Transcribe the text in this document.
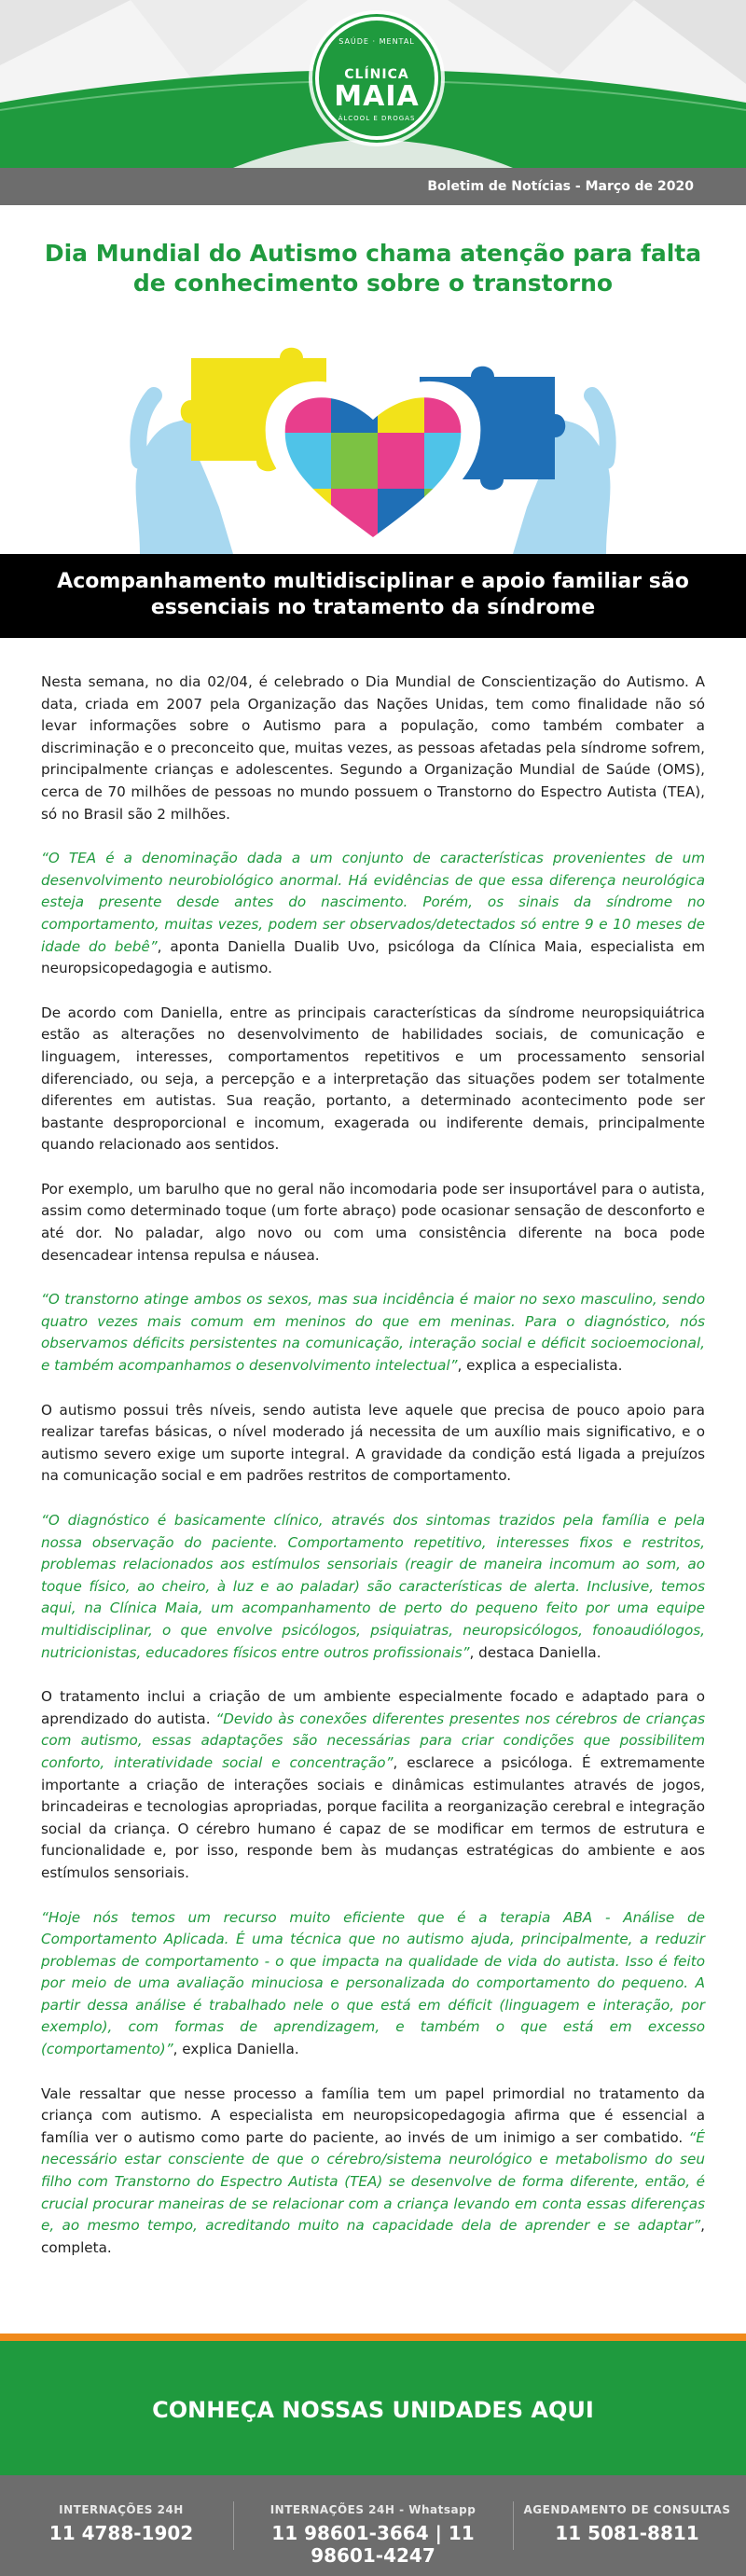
SAÚDE · MENTAL
CLÍNICA
MAIA
ÁLCOOL E DROGAS
Boletim de Notícias - Março de 2020
Dia Mundial do Autismo chama atenção para falta de conhecimento sobre o transtorno
Acompanhamento multidisciplinar e apoio familiar são essenciais no tratamento da síndrome

Nesta semana, no dia 02/04, é celebrado o Dia Mundial de Conscientização do Autismo. A data, criada em 2007 pela Organização das Nações Unidas, tem como finalidade não só levar informações sobre o Autismo para a população, como também combater a discriminação e o preconceito que, muitas vezes, as pessoas afetadas pela síndrome sofrem, principalmente crianças e adolescentes. Segundo a Organização Mundial de Saúde (OMS), cerca de 70 milhões de pessoas no mundo possuem o Transtorno do Espectro Autista (TEA), só no Brasil são 2 milhões.

“O TEA é a denominação dada a um conjunto de características provenientes de um desenvolvimento neurobiológico anormal. Há evidências de que essa diferença neurológica esteja presente desde antes do nascimento. Porém, os sinais da síndrome no comportamento, muitas vezes, podem ser observados/detectados só entre 9 e 10 meses de idade do bebê”, aponta Daniella Dualib Uvo, psicóloga da Clínica Maia, especialista em neuropsicopedagogia e autismo.

De acordo com Daniella, entre as principais características da síndrome neuropsiquiátrica estão as alterações no desenvolvimento de habilidades sociais, de comunicação e linguagem, interesses, comportamentos repetitivos e um processamento sensorial diferenciado, ou seja, a percepção e a interpretação das situações podem ser totalmente diferentes em autistas. Sua reação, portanto, a determinado acontecimento pode ser bastante desproporcional e incomum, exagerada ou indiferente demais, principalmente quando relacionado aos sentidos.

Por exemplo, um barulho que no geral não incomodaria pode ser insuportável para o autista, assim como determinado toque (um forte abraço) pode ocasionar sensação de desconforto e até dor. No paladar, algo novo ou com uma consistência diferente na boca pode desencadear intensa repulsa e náusea.

“O transtorno atinge ambos os sexos, mas sua incidência é maior no sexo masculino, sendo quatro vezes mais comum em meninos do que em meninas. Para o diagnóstico, nós observamos déficits persistentes na comunicação, interação social e déficit socioemocional, e também acompanhamos o desenvolvimento intelectual”, explica a especialista.

O autismo possui três níveis, sendo autista leve aquele que precisa de pouco apoio para realizar tarefas básicas, o nível moderado já necessita de um auxílio mais significativo, e o autismo severo exige um suporte integral. A gravidade da condição está ligada a prejuízos na comunicação social e em padrões restritos de comportamento.

“O diagnóstico é basicamente clínico, através dos sintomas trazidos pela família e pela nossa observação do paciente. Comportamento repetitivo, interesses fixos e restritos, problemas relacionados aos estímulos sensoriais (reagir de maneira incomum ao som, ao toque físico, ao cheiro, à luz e ao paladar) são características de alerta. Inclusive, temos aqui, na Clínica Maia, um acompanhamento de perto do pequeno feito por uma equipe multidisciplinar, o que envolve psicólogos, psiquiatras, neuropsicólogos, fonoaudiólogos, nutricionistas, educadores físicos entre outros profissionais”, destaca Daniella.

O tratamento inclui a criação de um ambiente especialmente focado e adaptado para o aprendizado do autista. “Devido às conexões diferentes presentes nos cérebros de crianças com autismo, essas adaptações são necessárias para criar condições que possibilitem conforto, interatividade social e concentração”, esclarece a psicóloga. É extremamente importante a criação de interações sociais e dinâmicas estimulantes através de jogos, brincadeiras e tecnologias apropriadas, porque facilita a reorganização cerebral e integração social da criança. O cérebro humano é capaz de se modificar em termos de estrutura e funcionalidade e, por isso, responde bem às mudanças estratégicas do ambiente e aos estímulos sensoriais.

“Hoje nós temos um recurso muito eficiente que é a terapia ABA - Análise de Comportamento Aplicada. É uma técnica que no autismo ajuda, principalmente, a reduzir problemas de comportamento - o que impacta na qualidade de vida do autista. Isso é feito por meio de uma avaliação minuciosa e personalizada do comportamento do pequeno. A partir dessa análise é trabalhado nele o que está em déficit (linguagem e interação, por exemplo), com formas de aprendizagem, e também o que está em excesso (comportamento)”, explica Daniella.

Vale ressaltar que nesse processo a família tem um papel primordial no tratamento da criança com autismo. A especialista em neuropsicopedagogia afirma que é essencial a família ver o autismo como parte do paciente, ao invés de um inimigo a ser combatido. “É necessário estar consciente de que o cérebro/sistema neurológico e metabolismo do seu filho com Transtorno do Espectro Autista (TEA) se desenvolve de forma diferente, então, é crucial procurar maneiras de se relacionar com a criança levando em conta essas diferenças e, ao mesmo tempo, acreditando muito na capacidade dela de aprender e se adaptar”, completa.

CONHEÇA NOSSAS UNIDADES AQUI
INTERNAÇÕES 24H
11 4788-1902
INTERNAÇÕES 24H - Whatsapp
11 98601-3664 | 11 98601-4247
AGENDAMENTO DE CONSULTAS
11 5081-8811
